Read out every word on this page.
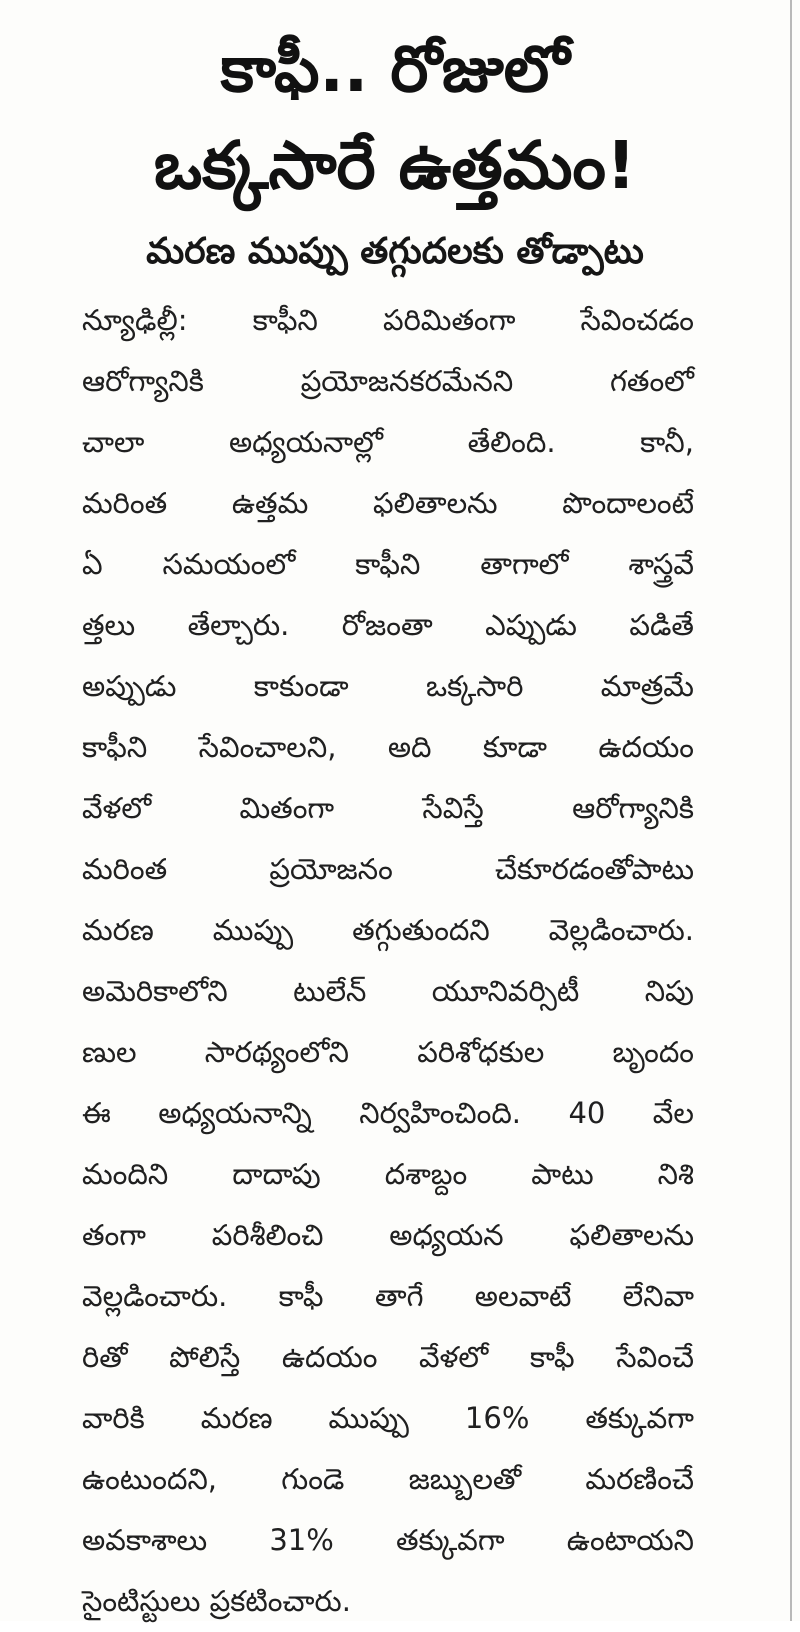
కాఫీ.. రోజులో
ఒక్కసారే ఉత్తమం!
మరణ ముప్పు తగ్గుదలకు తోడ్పాటు
న్యూఢిల్లీ: కాఫీని పరిమితంగా సేవించడం
ఆరోగ్యానికి ప్రయోజనకరమేనని గతంలో
చాలా అధ్యయనాల్లో తేలింది. కానీ,
మరింత ఉత్తమ ఫలితాలను పొందాలంటే
ఏ సమయంలో కాఫీని తాగాలో శాస్త్రవే
త్తలు తేల్చారు. రోజంతా ఎప్పుడు పడితే
అప్పుడు కాకుండా ఒక్కసారి మాత్రమే
కాఫీని సేవించాలని, అది కూడా ఉదయం
వేళలో మితంగా సేవిస్తే ఆరోగ్యానికి
మరింత ప్రయోజనం చేకూరడంతోపాటు
మరణ ముప్పు తగ్గుతుందని వెల్లడించారు.
అమెరికాలోని టులేన్ యూనివర్సిటీ నిపు
ణుల సారథ్యంలోని పరిశోధకుల బృందం
ఈ అధ్యయనాన్ని నిర్వహించింది. 40 వేల
మందిని దాదాపు దశాబ్దం పాటు నిశి
తంగా పరిశీలించి అధ్యయన ఫలితాలను
వెల్లడించారు. కాఫీ తాగే అలవాటే లేనివా
రితో పోలిస్తే ఉదయం వేళలో కాఫీ సేవించే
వారికి మరణ ముప్పు 16% తక్కువగా
ఉంటుందని, గుండె జబ్బులతో మరణించే
అవకాశాలు 31% తక్కువగా ఉంటాయని
సైంటిస్టులు ప్రకటించారు.
